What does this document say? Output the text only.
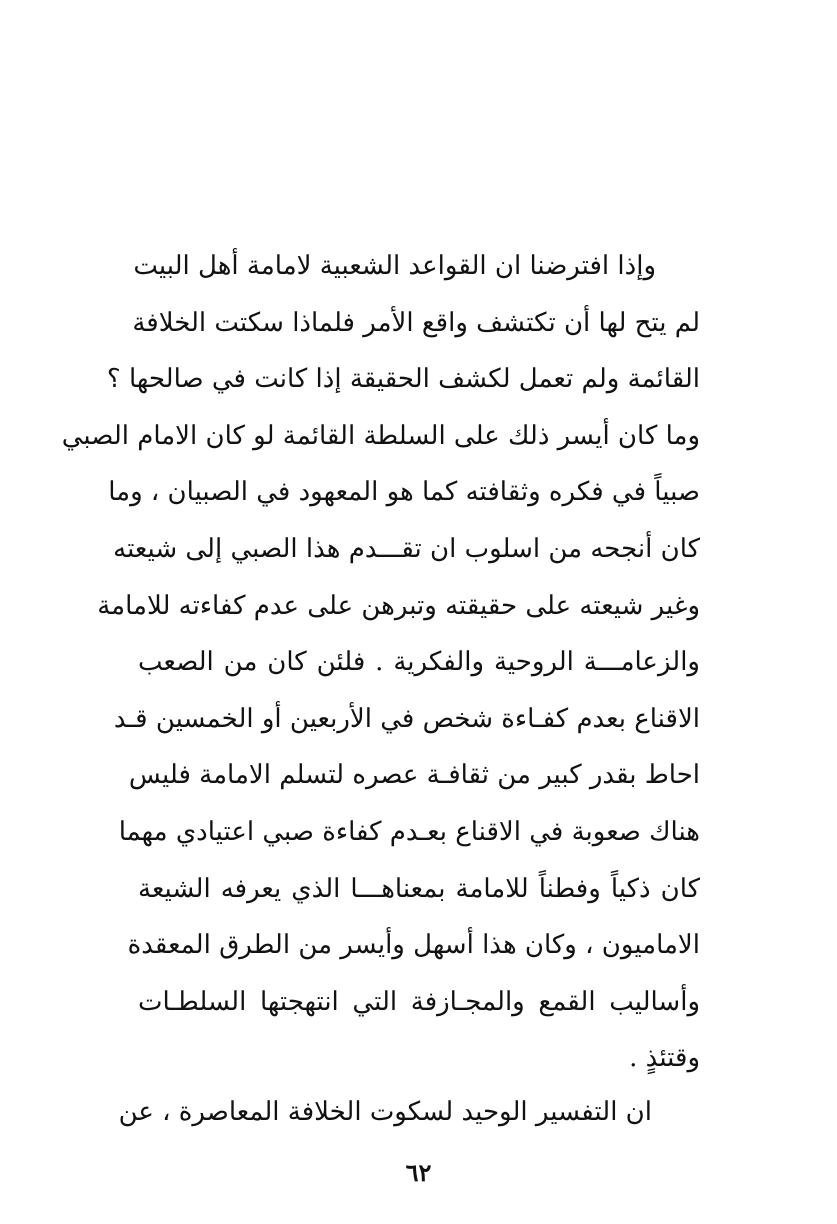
وإذا افترضنا ان القواعد الشعبية لامامة أهل البيت
لم يتح لها أن تكتشف واقع الأمر فلماذا سكتت الخلافة
القائمة ولم تعمل لكشف الحقيقة إذا كانت في صالحها ؟
وما كان أيسر ذلك على السلطة القائمة لو كان الامام الصبي
صبياً في فكره وثقافته كما هو المعهود في الصبيان ، وما
كان أنجحه من اسلوب ان تقـــدم هذا الصبي إلى شيعته
وغير شيعته على حقيقته وتبرهن على عدم كفاءته للامامة
والزعامـــة الروحية والفكرية . فلئن كان من الصعب
الاقناع بعدم كفـاءة شخص في الأربعين أو الخمسين قـد
احاط بقدر كبير من ثقافـة عصره لتسلم الامامة فليس
هناك صعوبة في الاقناع بعـدم كفاءة صبي اعتيادي مهما
كان ذكياً وفطناً للامامة بمعناهـــا الذي يعرفه الشيعة
الاماميون ، وكان هذا أسهل وأيسر من الطرق المعقدة
وأساليب القمع والمجـازفة التي انتهجتها السلطـات
وقتئذٍ .
ان التفسير الوحيد لسكوت الخلافة المعاصرة ، عن
٦٢
